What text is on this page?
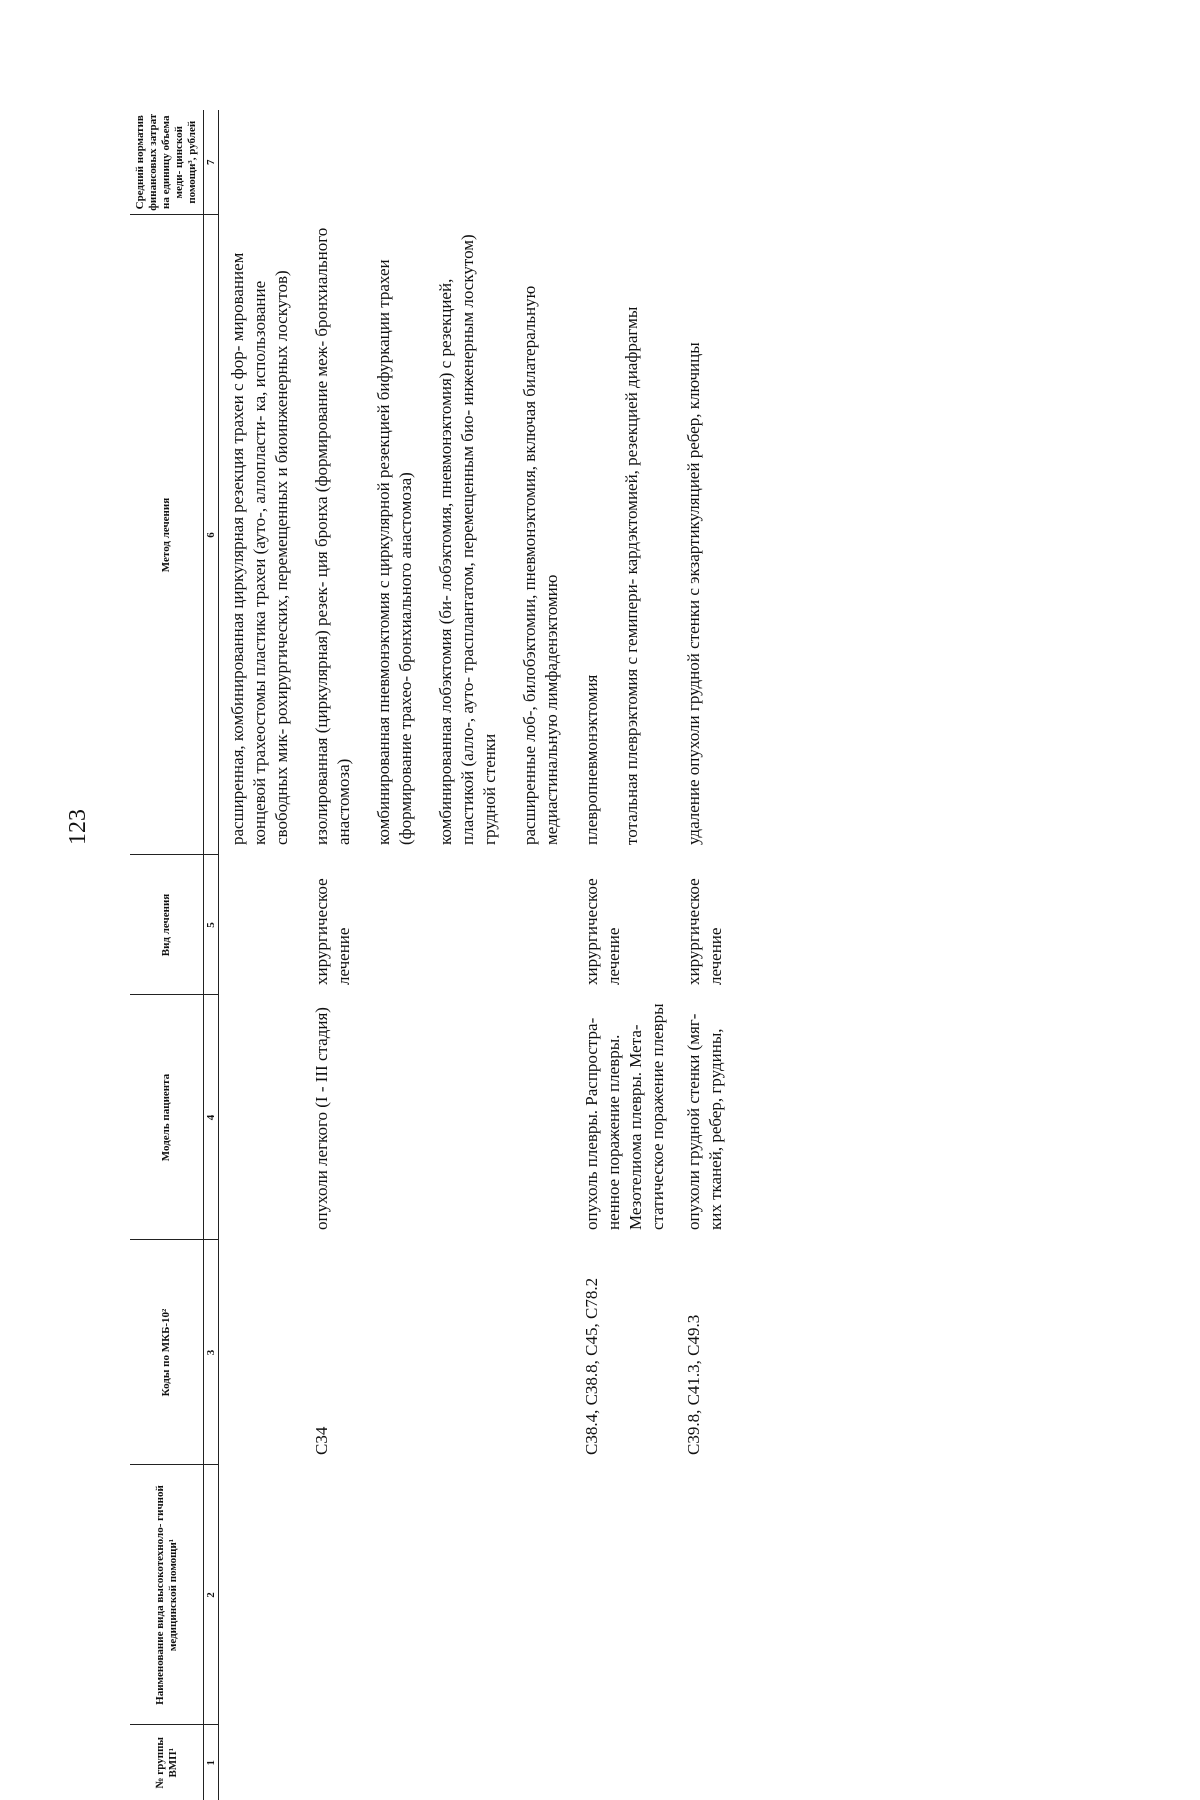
123
№ группы ВМП¹	Наименование вида высокотехноло- гичной медицинской помощи¹	Коды по МКБ-10²	Модель пациента	Вид лечения	Метод лечения	Средний норматив финансовых затрат на единицу объема меди- цинской помощи³, рублей
1	2	3	4	5	6	7

					расширенная, комбинированная циркулярная резекция трахеи с фор- мированием концевой трахеостомы пластика трахеи (ауто-, аллопласти- ка, использование свободных мик- рохирургических, перемещенных и биоинженерных лоскутов)	

		C34	опухоли легкого (I - III стадия)	хирургическое лечение	изолированная (циркулярная) резек- ция бронха (формирование меж- бронхиального анастомоза) комбинированная пневмонэктомия с циркулярной резекцией бифуркации трахеи (формирование трахео- бронхиального анастомоза) комбинированная лобэктомия (би- лобэктомия, пневмонэктомия) с резекцией, пластикой (алло-, ауто- трасплантатом, перемещенным био- инженерным лоскутом) грудной стенки расширенные лоб-, билобэктомии, пневмонэктомия, включая билатеральную медиастинальную лимфаденэктомию	

		C38.4, C38.8, C45, C78.2	опухоль плевры. Распростра- ненное поражение плевры. Мезотелиома плевры. Мета- статическое поражение плевры	хирургическое лечение	плевропневмонэктомия тотальная плеврэктомия с гемипери- кардэктомией, резекцией диафрагмы	

		C39.8, C41.3, C49.3	опухоли грудной стенки (мяг- ких тканей, ребер, грудины,	хирургическое лечение	удаление опухоли грудной стенки с экзартикуляцией ребер, ключицы	
